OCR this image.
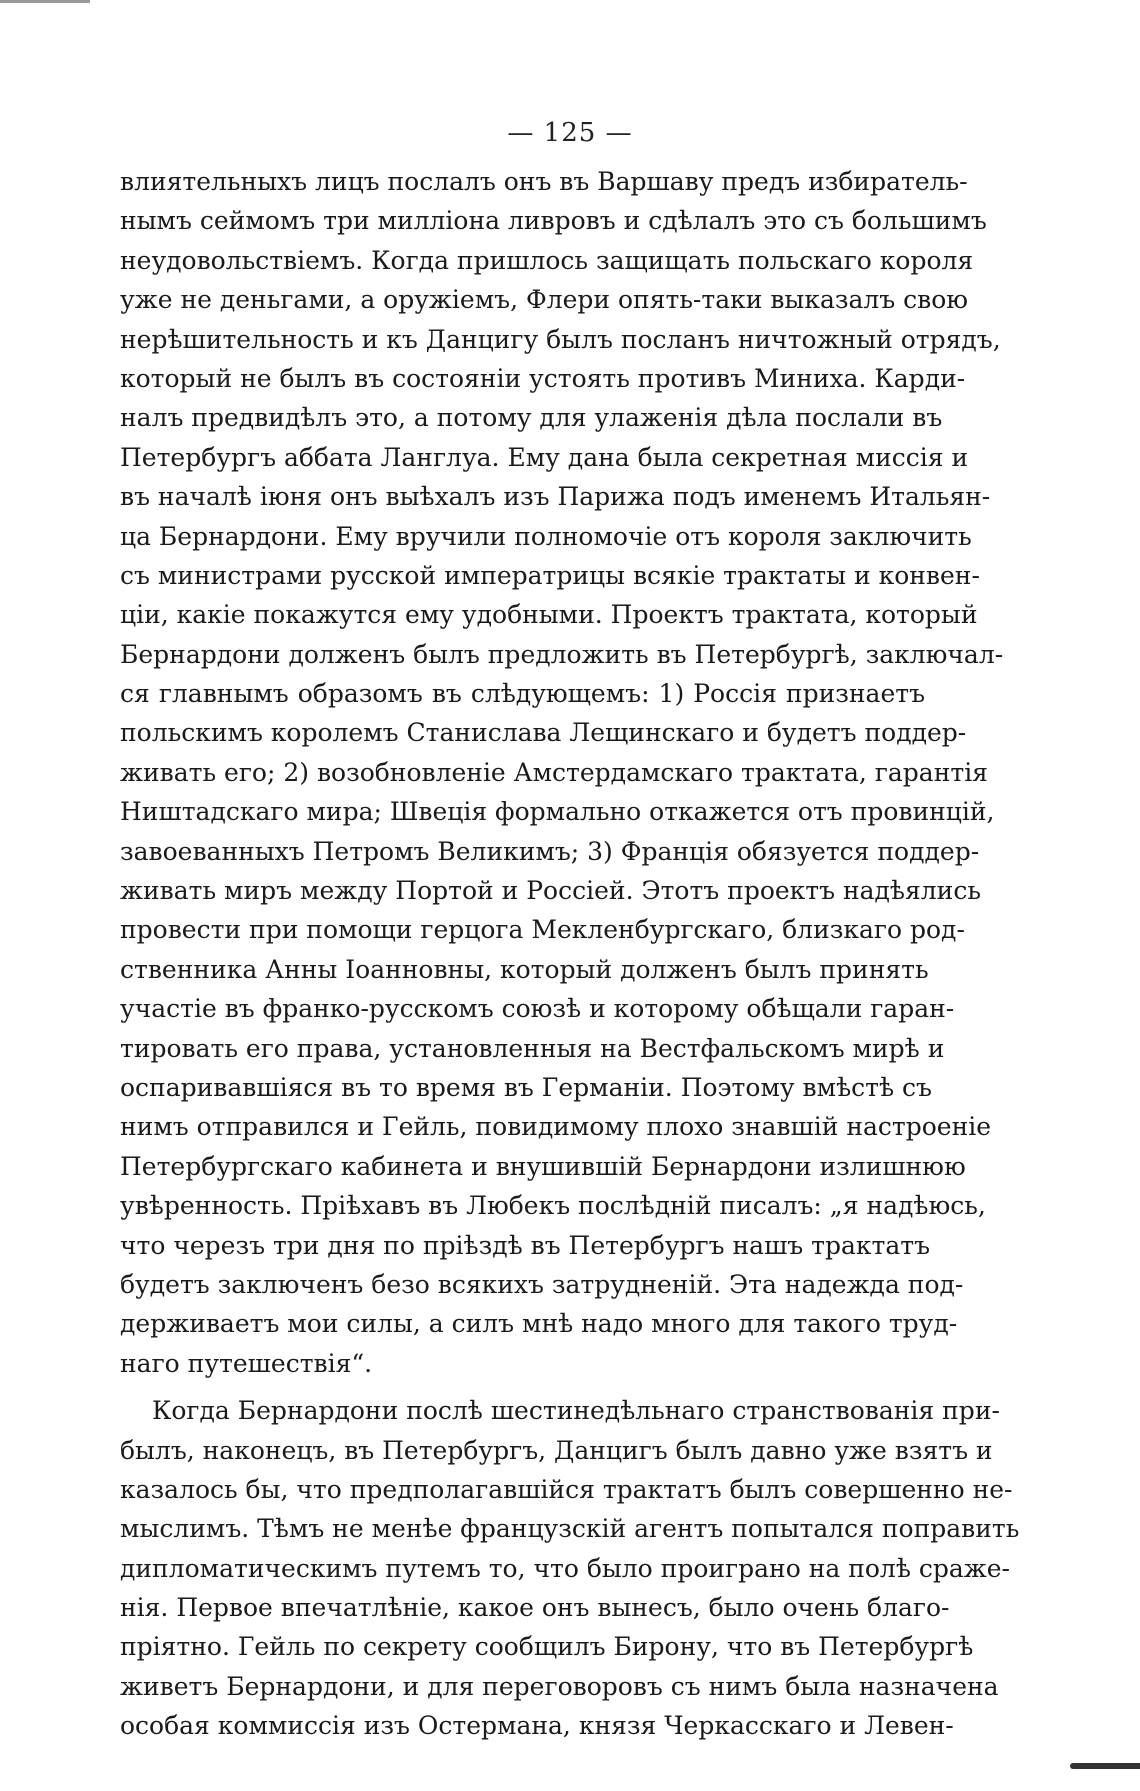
— 125 —
влиятельныхъ лицъ послалъ онъ въ Варшаву предъ избиратель-
нымъ сеймомъ три милліона ливровъ и сдѣлалъ это съ большимъ
неудовольствіемъ. Когда пришлось защищать польскаго короля
уже не деньгами, а оружіемъ, Флери опять-таки выказалъ свою
нерѣшительность и къ Данцигу былъ посланъ ничтожный отрядъ,
который не былъ въ состояніи устоять противъ Миниха. Карди-
налъ предвидѣлъ это, а потому для улаженія дѣла послали въ
Петербургъ аббата Ланглуа. Ему дана была секретная миссія и
въ началѣ іюня онъ выѣхалъ изъ Парижа подъ именемъ Итальян-
ца Бернардони. Ему вручили полномочіе отъ короля заключить
съ министрами русской императрицы всякіе трактаты и конвен-
ціи, какіе покажутся ему удобными. Проектъ трактата, который
Бернардони долженъ былъ предложить въ Петербургѣ, заключал-
ся главнымъ образомъ въ слѣдующемъ: 1) Россія признаетъ
польскимъ королемъ Станислава Лещинскаго и будетъ поддер-
живать его; 2) возобновленіе Амстердамскаго трактата, гарантія
Ништадскаго мира; Швеція формально откажется отъ провинцій,
завоеванныхъ Петромъ Великимъ; 3) Франція обязуется поддер-
живать миръ между Портой и Россіей. Этотъ проектъ надѣялись
провести при помощи герцога Мекленбургскаго, близкаго род-
ственника Анны Іоанновны, который долженъ былъ принять
участіе въ франко-русскомъ союзѣ и которому обѣщали гаран-
тировать его права, установленныя на Вестфальскомъ мирѣ и
оспаривавшіяся въ то время въ Германіи. Поэтому вмѣстѣ съ
нимъ отправился и Гейль, повидимому плохо знавшій настроеніе
Петербургскаго кабинета и внушившій Бернардони излишнюю
увѣренность. Пріѣхавъ въ Любекъ послѣдній писалъ: „я надѣюсь,
что черезъ три дня по пріѣздѣ въ Петербургъ нашъ трактатъ
будетъ заключенъ безо всякихъ затрудненій. Эта надежда под-
держиваетъ мои силы, а силъ мнѣ надо много для такого труд-
наго путешествія“.
Когда Бернардони послѣ шестинедѣльнаго странствованія при-
былъ, наконецъ, въ Петербургъ, Данцигъ былъ давно уже взятъ и
казалось бы, что предполагавшійся трактатъ былъ совершенно не-
мыслимъ. Тѣмъ не менѣе французскій агентъ попытался поправить
дипломатическимъ путемъ то, что было проиграно на полѣ сраже-
нія. Первое впечатлѣніе, какое онъ вынесъ, было очень благо-
пріятно. Гейль по секрету сообщилъ Бирону, что въ Петербургѣ
живетъ Бернардони, и для переговоровъ съ нимъ была назначена
особая коммиссія изъ Остермана, князя Черкасскаго и Левен-
